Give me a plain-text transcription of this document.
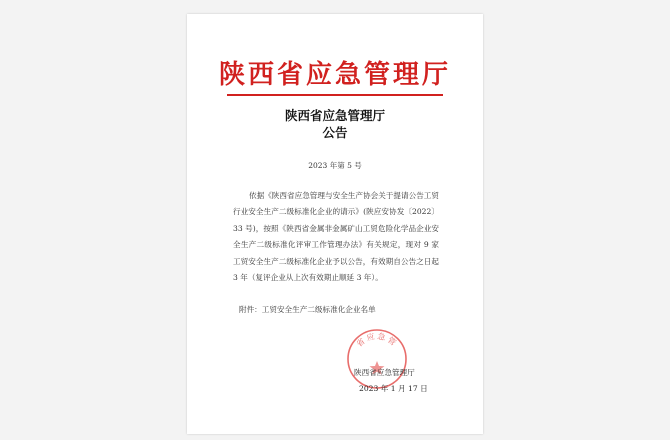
陕西省应急管理厅
陕西省应急管理厅
公告
2023 年第 5 号
依据《陕西省应急管理与安全生产协会关于提请公告工贸行业安全生产二级标准化企业的请示》(陕应安协发〔2022〕33 号)，按照《陕西省金属非金属矿山工贸危险化学品企业安全生产二级标准化评审工作管理办法》有关规定，现对 9 家工贸安全生产二级标准化企业予以公告，有效期自公告之日起 3 年（复评企业从上次有效期止顺延 3 年）。
附件：工贸安全生产二级标准化企业名单
省应急管
陕西省应急管理厅
2023 年 1 月 17 日
